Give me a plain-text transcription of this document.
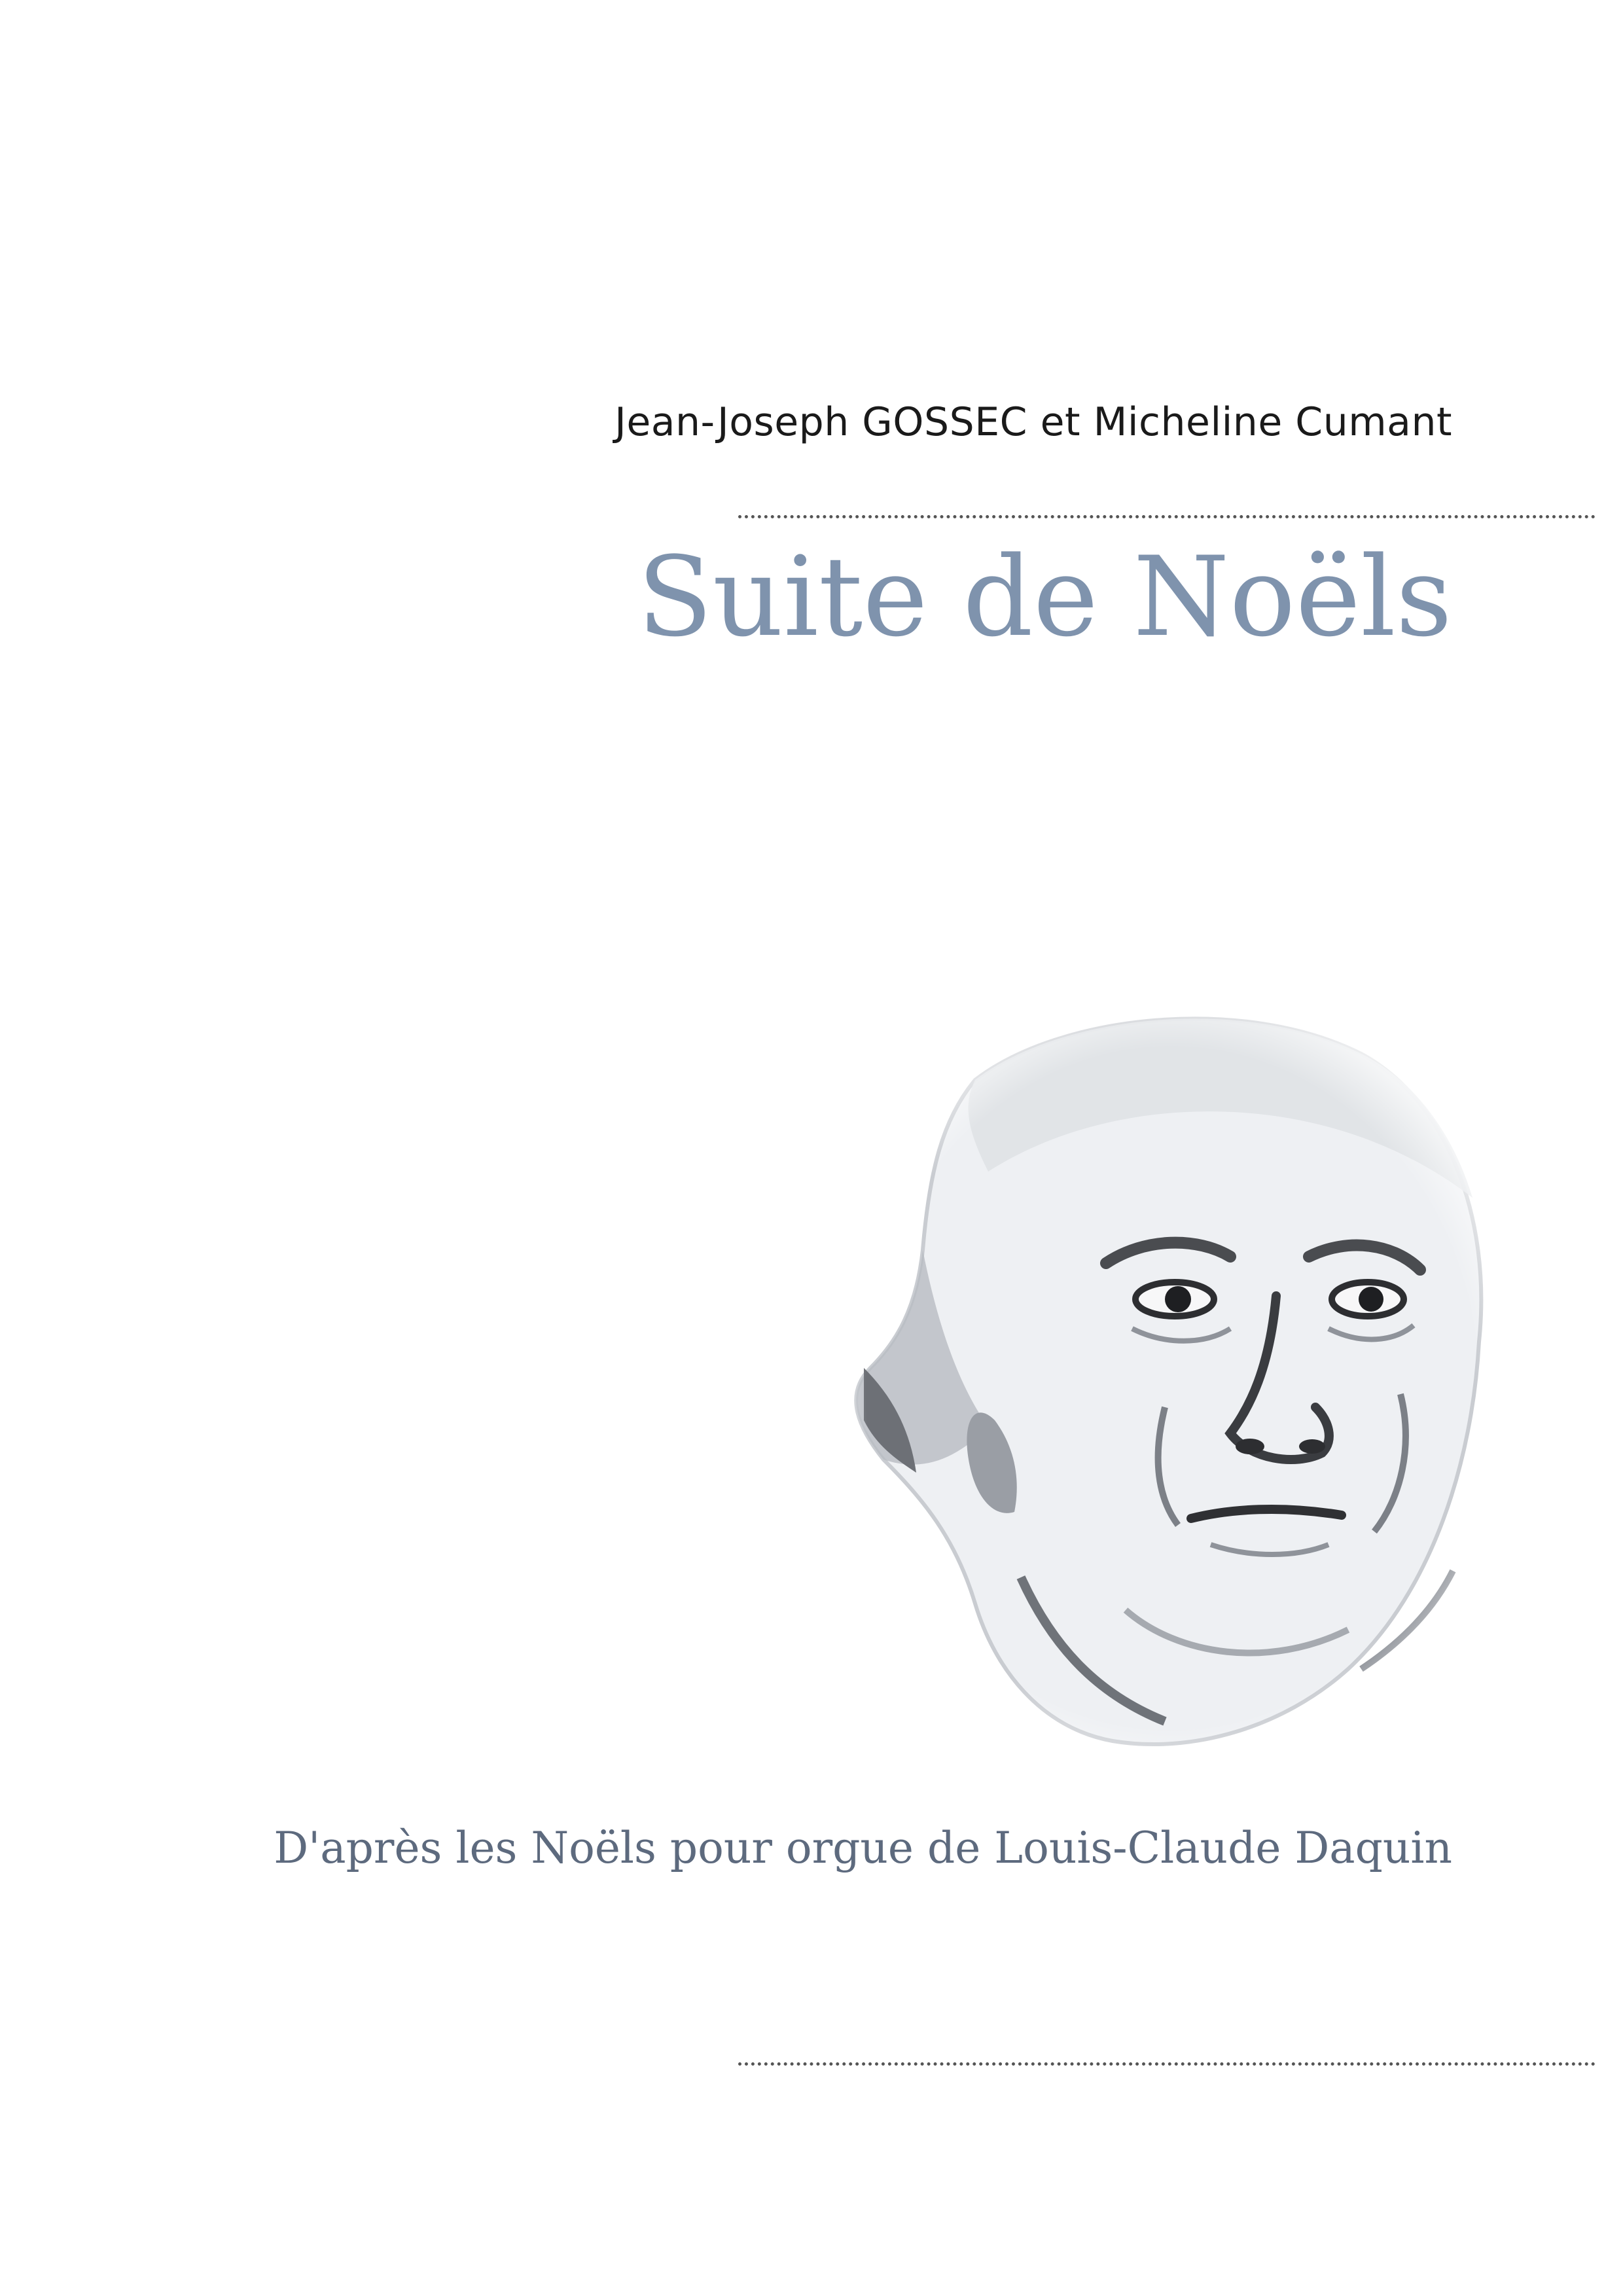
Jean-Joseph GOSSEC et Micheline Cumant
Suite de Noëls
D'après les Noëls pour orgue de Louis-Claude Daquin
